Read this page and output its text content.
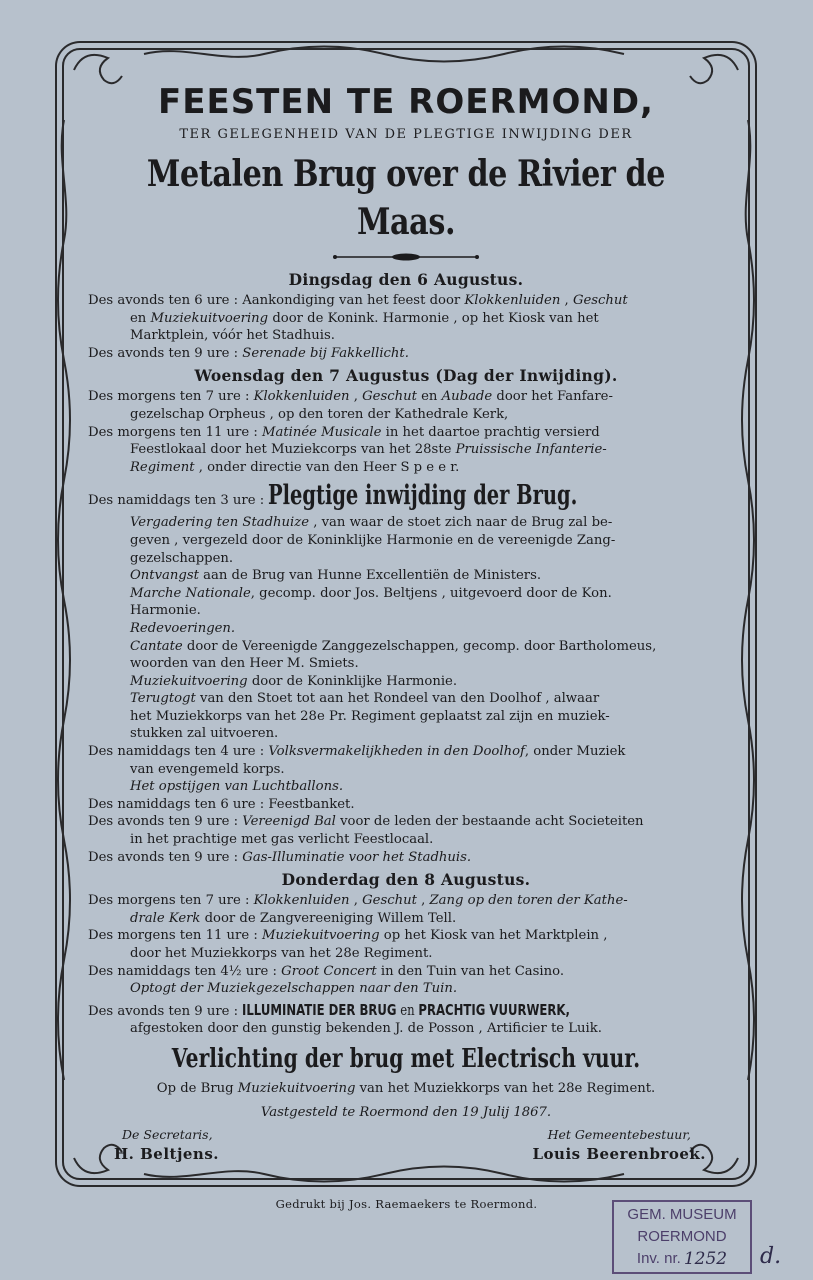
FEESTEN TE ROERMOND,
TER GELEGENHEID VAN DE PLEGTIGE INWIJDING DER
Metalen Brug over de Rivier de Maas.
Dingsdag den 6 Augustus.
Des avonds ten 6 ure : Aankondiging van het feest door Klokkenluiden , Geschut
en Muziekuitvoering door de Konink. Harmonie , op het Kiosk van het
Marktplein, vóór het Stadhuis.
Des avonds ten 9 ure : Serenade bij Fakkellicht.
Woensdag den 7 Augustus (Dag der Inwijding).
Des morgens ten 7 ure : Klokkenluiden , Geschut en Aubade door het Fanfare-
gezelschap Orpheus , op den toren der Kathedrale Kerk,
Des morgens ten 11 ure : Matinée Musicale in het daartoe prachtig versierd
Feestlokaal door het Muziekcorps van het 28ste Pruissische Infanterie-
Regiment , onder directie van den Heer S p e e r.
Des namiddags ten 3 ure : Plegtige inwijding der Brug.
Vergadering ten Stadhuize , van waar de stoet zich naar de Brug zal be-
geven , vergezeld door de Koninklijke Harmonie en de vereenigde Zang-
gezelschappen.
Ontvangst aan de Brug van Hunne Excellentiën de Ministers.
Marche Nationale, gecomp. door Jos. Beltjens , uitgevoerd door de Kon.
Harmonie.
Redevoeringen.
Cantate door de Vereenigde Zanggezelschappen, gecomp. door Bartholomeus,
woorden van den Heer M. Smiets.
Muziekuitvoering door de Koninklijke Harmonie.
Terugtogt van den Stoet tot aan het Rondeel van den Doolhof , alwaar
het Muziekkorps van het 28e Pr. Regiment geplaatst zal zijn en muziek-
stukken zal uitvoeren.
Des namiddags ten 4 ure : Volksvermakelijkheden in den Doolhof, onder Muziek
van evengemeld korps.
Het opstijgen van Luchtballons.
Des namiddags ten 6 ure : Feestbanket.
Des avonds ten 9 ure : Vereenigd Bal voor de leden der bestaande acht Societeiten
in het prachtige met gas verlicht Feestlocaal.
Des avonds ten 9 ure : Gas-Illuminatie voor het Stadhuis.
Donderdag den 8 Augustus.
Des morgens ten 7 ure : Klokkenluiden , Geschut , Zang op den toren der Kathe-
drale Kerk door de Zangvereeniging Willem Tell.
Des morgens ten 11 ure : Muziekuitvoering op het Kiosk van het Marktplein ,
door het Muziekkorps van het 28e Regiment.
Des namiddags ten 4½ ure : Groot Concert in den Tuin van het Casino.
Optogt der Muziekgezelschappen naar den Tuin.
Des avonds ten 9 ure : ILLUMINATIE DER BRUG en PRACHTIG VUURWERK,
afgestoken door den gunstig bekenden J. de Posson , Artificier te Luik.
Verlichting der brug met Electrisch vuur.
Op de Brug Muziekuitvoering van het Muziekkorps van het 28e Regiment.
Vastgesteld te Roermond den 19 Julij 1867.
De Secretaris,
H. Beltjens.
Het Gemeentebestuur,
Louis Beerenbroek.
Gedrukt bij Jos. Raemaekers te Roermond.
GEM. MUSEUM
ROERMOND
Inv. nr. 1252 d.
